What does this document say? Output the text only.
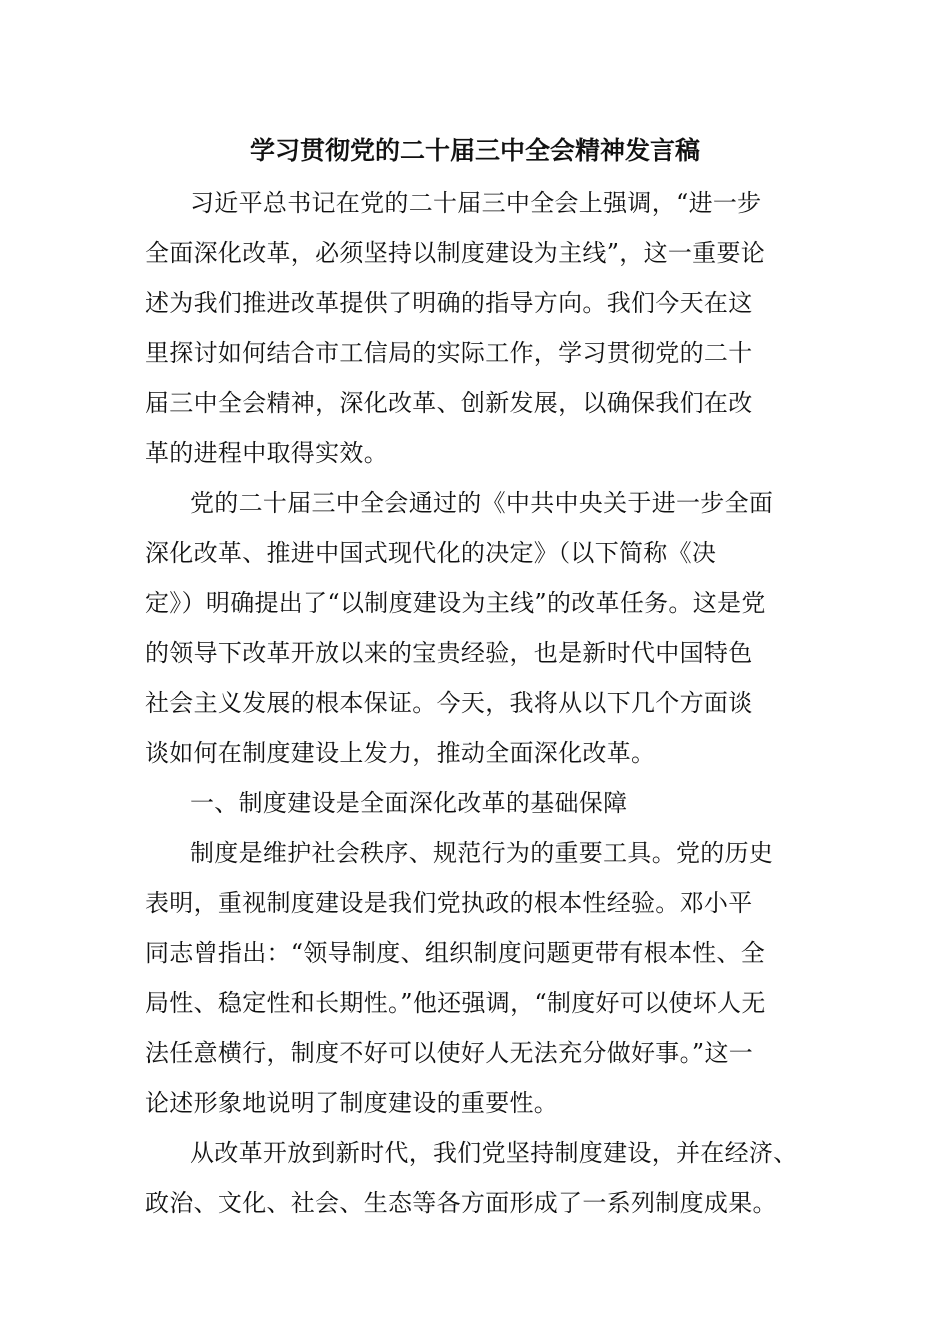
学习贯彻党的二十届三中全会精神发言稿
习近平总书记在党的二十届三中全会上强调，“进一步
全面深化改革，必须坚持以制度建设为主线”，这一重要论
述为我们推进改革提供了明确的指导方向。我们今天在这
里探讨如何结合市工信局的实际工作，学习贯彻党的二十
届三中全会精神，深化改革、创新发展，以确保我们在改
革的进程中取得实效。
党的二十届三中全会通过的《中共中央关于进一步全面
深化改革、推进中国式现代化的决定》（以下简称《决
定》）明确提出了“以制度建设为主线”的改革任务。这是党
的领导下改革开放以来的宝贵经验，也是新时代中国特色
社会主义发展的根本保证。今天，我将从以下几个方面谈
谈如何在制度建设上发力，推动全面深化改革。
一、制度建设是全面深化改革的基础保障
制度是维护社会秩序、规范行为的重要工具。党的历史
表明，重视制度建设是我们党执政的根本性经验。邓小平
同志曾指出：“领导制度、组织制度问题更带有根本性、全
局性、稳定性和长期性。”他还强调，“制度好可以使坏人无
法任意横行，制度不好可以使好人无法充分做好事。”这一
论述形象地说明了制度建设的重要性。
从改革开放到新时代，我们党坚持制度建设，并在经济、
政治、文化、社会、生态等各方面形成了一系列制度成果。
